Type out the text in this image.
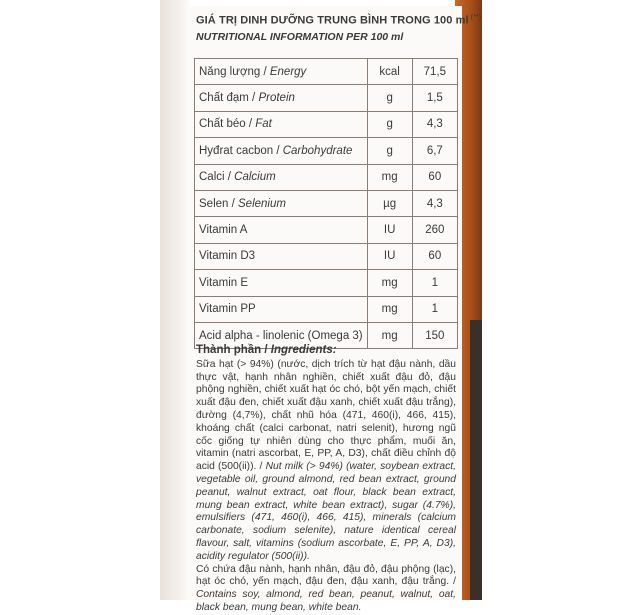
GIÁ TRỊ DINH DƯỠNG TRUNG BÌNH TRONG 100 ml (**)
NUTRITIONAL INFORMATION PER 100 ml
Năng lượng / Energy	kcal	71,5
Chất đạm / Protein	g	1,5
Chất béo / Fat	g	4,3
Hyđrat cacbon / Carbohydrate	g	6,7
Calci / Calcium	mg	60
Selen / Selenium	µg	4,3
Vitamin A	IU	260
Vitamin D3	IU	60
Vitamin E	mg	1
Vitamin PP	mg	1
Acid alpha - linolenic (Omega 3)	mg	150
Thành phần / Ingredients:

Sữa hạt (> 94%) (nước, dịch trích từ hạt đậu nành, dầu thực vật, hạnh nhân nghiền, chiết xuất đậu đỏ, đậu phộng nghiền, chiết xuất hạt óc chó, bột yến mạch, chiết xuất đậu đen, chiết xuất đậu xanh, chiết xuất đậu trắng), đường (4,7%), chất nhũ hóa (471, 460(i), 466, 415), khoáng chất (calci carbonat, natri selenit), hương ngũ cốc giống tự nhiên dùng cho thực phẩm, muối ăn, vitamin (natri ascorbat, E, PP, A, D3), chất điều chỉnh độ acid (500(ii)). / Nut milk (> 94%) (water, soybean extract, vegetable oil, ground almond, red bean extract, ground peanut, walnut extract, oat flour, black bean extract, mung bean extract, white bean extract), sugar (4.7%), emulsifiers (471, 460(i), 466, 415), minerals (calcium carbonate, sodium selenite), nature identical cereal flavour, salt, vitamins (sodium ascorbate, E, PP, A, D3), acidity regulator (500(ii)).

Có chứa đậu nành, hạnh nhân, đậu đỏ, đậu phộng (lạc), hạt óc chó, yến mạch, đậu đen, đậu xanh, đậu trắng. / Contains soy, almond, red bean, peanut, walnut, oat, black bean, mung bean, white bean.
